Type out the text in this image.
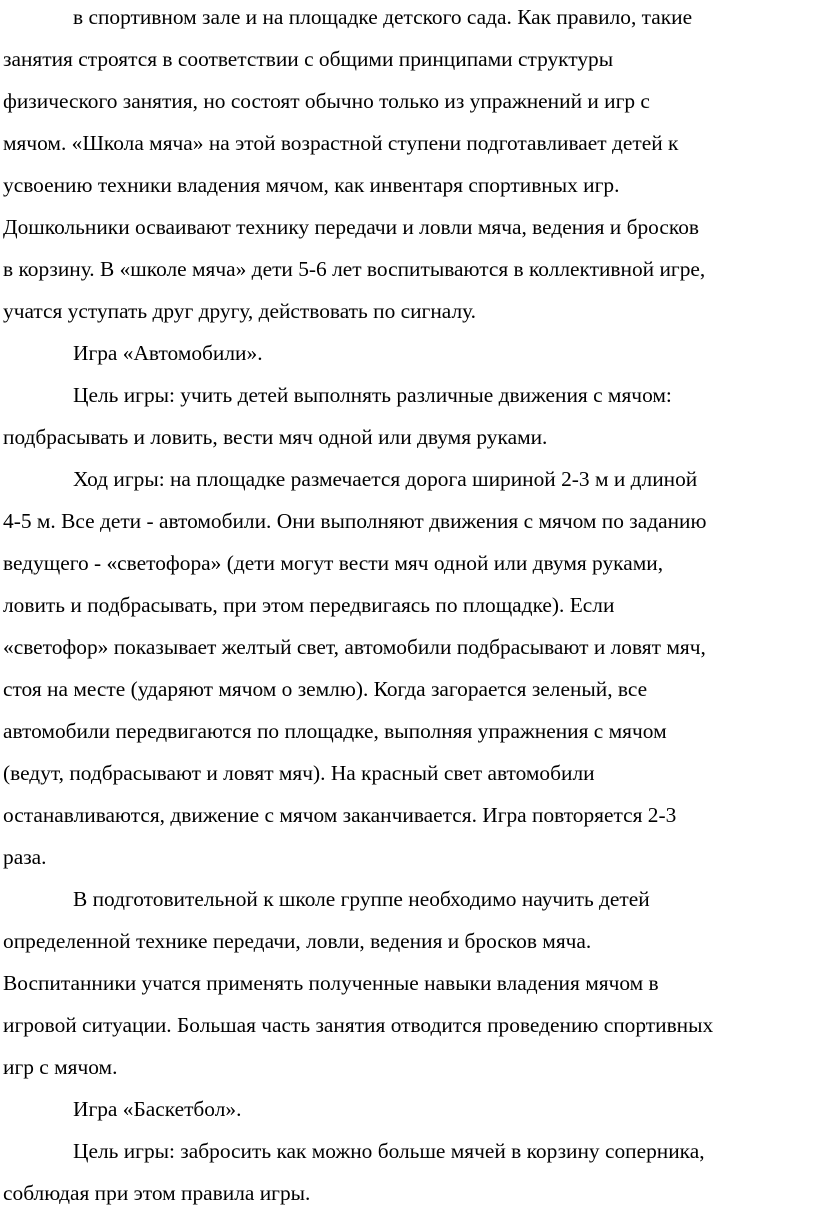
в спортивном зале и на площадке детского сада. Как правило, такие
занятия строятся в соответствии с общими принципами структуры
физического занятия, но состоят обычно только из упражнений и игр с
мячом. «Школа мяча» на этой возрастной ступени подготавливает детей к
усвоению техники владения мячом, как инвентаря спортивных игр.
Дошкольники осваивают технику передачи и ловли мяча, ведения и бросков
в корзину. В «школе мяча» дети 5-6 лет воспитываются в коллективной игре,
учатся уступать друг другу, действовать по сигналу.
Игра «Автомобили».
Цель игры: учить детей выполнять различные движения с мячом:
подбрасывать и ловить, вести мяч одной или двумя руками.
Ход игры: на площадке размечается дорога шириной 2-3 м и длиной
4-5 м. Все дети - автомобили. Они выполняют движения с мячом по заданию
ведущего - «светофора» (дети могут вести мяч одной или двумя руками,
ловить и подбрасывать, при этом передвигаясь по площадке). Если
«светофор» показывает желтый свет, автомобили подбрасывают и ловят мяч,
стоя на месте (ударяют мячом о землю). Когда загорается зеленый, все
автомобили передвигаются по площадке, выполняя упражнения с мячом
(ведут, подбрасывают и ловят мяч). На красный свет автомобили
останавливаются, движение с мячом заканчивается. Игра повторяется 2-3
раза.
В подготовительной к школе группе необходимо научить детей
определенной технике передачи, ловли, ведения и бросков мяча.
Воспитанники учатся применять полученные навыки владения мячом в
игровой ситуации. Большая часть занятия отводится проведению спортивных
игр с мячом.
Игра «Баскетбол».
Цель игры: забросить как можно больше мячей в корзину соперника,
соблюдая при этом правила игры.
